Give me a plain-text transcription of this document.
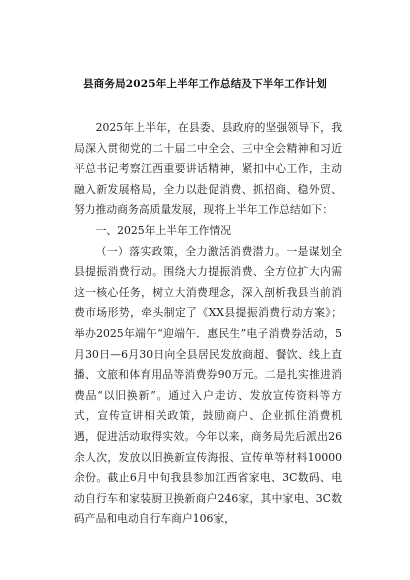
县商务局2025年上半年工作总结及下半年工作计划

2025年上半年，在县委、县政府的坚强领导下，我局深入贯彻党的二十届二中全会、三中全会精神和习近平总书记考察江西重要讲话精神，紧扣中心工作，主动融入新发展格局，全力以赴促消费、抓招商、稳外贸、努力推动商务高质量发展，现将上半年工作总结如下：

一、2025年上半年工作情况

（一）落实政策，全力激活消费潜力。一是谋划全县提振消费行动。围绕大力提振消费、全方位扩大内需这一核心任务，树立大消费理念，深入剖析我县当前消费市场形势，牵头制定了《XX县提振消费行动方案》；举办2025年端午“迎端午．惠民生”电子消费券活动，5月30日—6月30日向全县居民发放商超、餐饮、线上直播、文旅和体育用品等消费券90万元。二是扎实推进消费品“以旧换新”。通过入户走访、发放宣传资料等方式，宣传宣讲相关政策，鼓励商户、企业抓住消费机遇，促进活动取得实效。今年以来，商务局先后派出26余人次，发放以旧换新宣传海报、宣传单等材料10000余份。截止6月中旬我县参加江西省家电、3C数码、电动自行车和家装厨卫换新商户246家，其中家电、3C数码产品和电动自行车商户106家，
